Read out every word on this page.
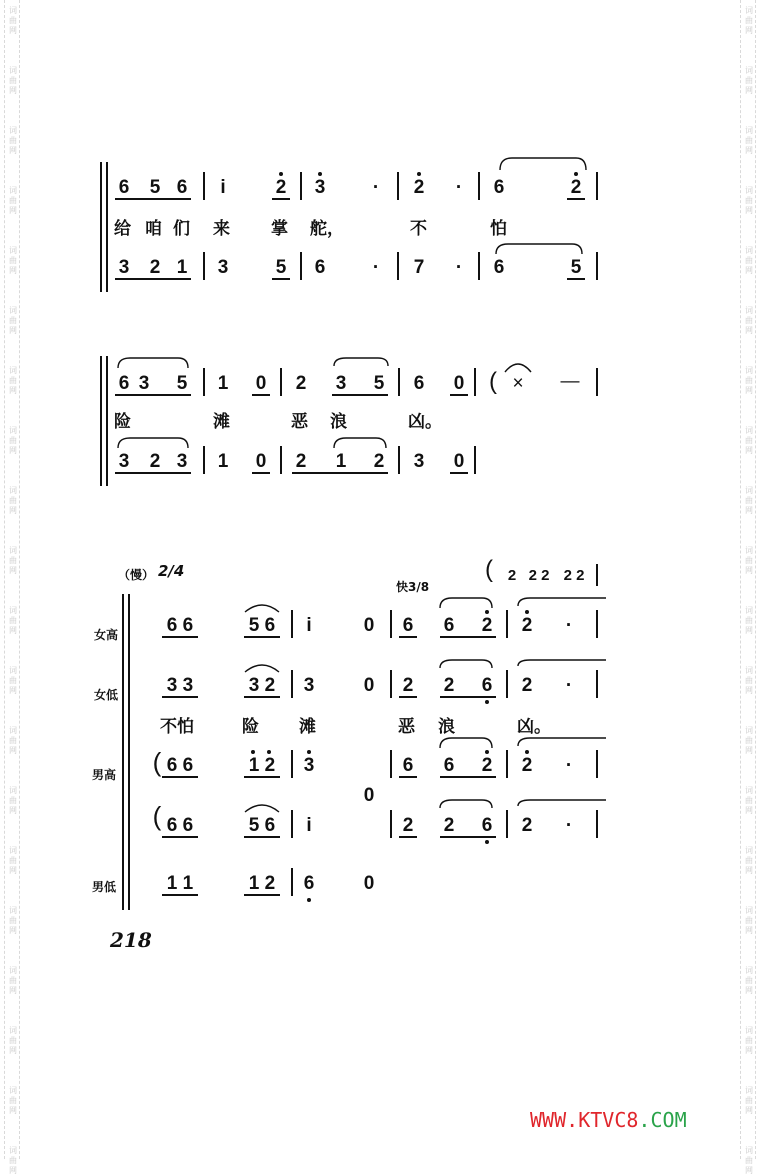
词
曲
网
词
曲
网
词
曲
网
词
曲
网
词
曲
网
词
曲
网
词
曲
网
词
曲
网
词
曲
网
词
曲
网
词
曲
网
词
曲
网
词
曲
网
词
曲
网
词
曲
网
词
曲
网
词
曲
网
词
曲
网
词
曲
网
词
曲
网
词
曲
网
词
曲
网
词
曲
网
词
曲
网
词
曲
网
词
曲
网
词
曲
网
词
曲
网
词
曲
网
词
曲
网
词
曲
网
词
曲
网
词
曲
网
词
曲
网
词
曲
网
词
曲
网
词
曲
网
词
曲
网
词
曲
网
词
曲
网
6 5 6	i	2 3	·	2	·	6	2
给 咱 们 来 掌 舵，	不	怕
3 2 1 3 5 6	·	7	·	6	5
6 3 5 1 0 2 3 5 6 0 ( ×	—
险	滩	恶 浪	凶。
3 2 3 1 0 2 1 2 3 0
（慢） 2/4
快3/8
( 2 2 2 2 2
女高	6 6	5 6	i	0 6 6 2 2	·
女低	3 3	3 2	3	0 2 2 6 2	·
不怕	险 滩	恶 浪	凶。
男高 (
(
6 6	1 2	3	6 6 2 2	·
0
6 6	5 6	i	2 2 6 2	·
男低	1 1	1 2	6	0
218
WWW.KTVC8.COM
